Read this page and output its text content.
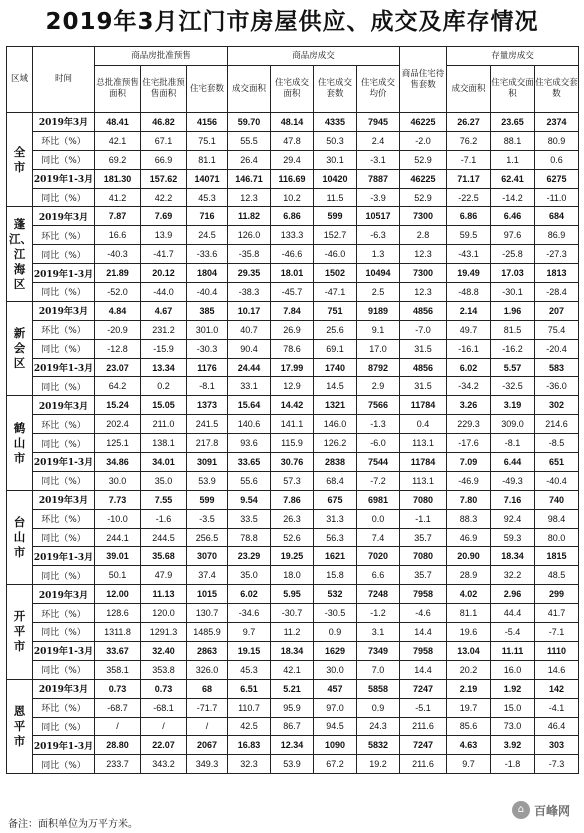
2019年3月江门市房屋供应、成交及库存情况
区域	时间	商品房批准预售			商品房成交				商品住宅待售套数	存量房成交		
		总批准预售面积	住宅批准预售面积	住宅套数	成交面积	住宅成交面积	住宅成交套数	住宅成交均价		成交面积	住宅成交面积	住宅成交套数
全市	2019年3月	48.41	46.82	4156	59.70	48.14	4335	7945	46225	26.27	23.65	2374
	环比（%）	42.1	67.1	75.1	55.5	47.8	50.3	2.4	-2.0	76.2	88.1	80.9
	同比（%）	69.2	66.9	81.1	26.4	29.4	30.1	-3.1	52.9	-7.1	1.1	0.6
	2019年1-3月	181.30	157.62	14071	146.71	116.69	10420	7887	46225	71.17	62.41	6275
	同比（%）	41.2	42.2	45.3	12.3	10.2	11.5	-3.9	52.9	-22.5	-14.2	-11.0
蓬江、江海区	2019年3月	7.87	7.69	716	11.82	6.86	599	10517	7300	6.86	6.46	684
	环比（%）	16.6	13.9	24.5	126.0	133.3	152.7	-6.3	2.8	59.5	97.6	86.9
	同比（%）	-40.3	-41.7	-33.6	-35.8	-46.6	-46.0	1.3	12.3	-43.1	-25.8	-27.3
	2019年1-3月	21.89	20.12	1804	29.35	18.01	1502	10494	7300	19.49	17.03	1813
	同比（%）	-52.0	-44.0	-40.4	-38.3	-45.7	-47.1	2.5	12.3	-48.8	-30.1	-28.4
新会区	2019年3月	4.84	4.67	385	10.17	7.84	751	9189	4856	2.14	1.96	207
	环比（%）	-20.9	231.2	301.0	40.7	26.9	25.6	9.1	-7.0	49.7	81.5	75.4
	同比（%）	-12.8	-15.9	-30.3	90.4	78.6	69.1	17.0	31.5	-16.1	-16.2	-20.4
	2019年1-3月	23.07	13.34	1176	24.44	17.99	1740	8792	4856	6.02	5.57	583
	同比（%）	64.2	0.2	-8.1	33.1	12.9	14.5	2.9	31.5	-34.2	-32.5	-36.0
鹤山市	2019年3月	15.24	15.05	1373	15.64	14.42	1321	7566	11784	3.26	3.19	302
	环比（%）	202.4	211.0	241.5	140.6	141.1	146.0	-1.3	0.4	229.3	309.0	214.6
	同比（%）	125.1	138.1	217.8	93.6	115.9	126.2	-6.0	113.1	-17.6	-8.1	-8.5
	2019年1-3月	34.86	34.01	3091	33.65	30.76	2838	7544	11784	7.09	6.44	651
	同比（%）	30.0	35.0	53.9	55.6	57.3	68.4	-7.2	113.1	-46.9	-49.3	-40.4
台山市	2019年3月	7.73	7.55	599	9.54	7.86	675	6981	7080	7.80	7.16	740
	环比（%）	-10.0	-1.6	-3.5	33.5	26.3	31.3	0.0	-1.1	88.3	92.4	98.4
	同比（%）	244.1	244.5	256.5	78.8	52.6	56.3	7.4	35.7	46.9	59.3	80.0
	2019年1-3月	39.01	35.68	3070	23.29	19.25	1621	7020	7080	20.90	18.34	1815
	同比（%）	50.1	47.9	37.4	35.0	18.0	15.8	6.6	35.7	28.9	32.2	48.5
开平市	2019年3月	12.00	11.13	1015	6.02	5.95	532	7248	7958	4.02	2.96	299
	环比（%）	128.6	120.0	130.7	-34.6	-30.7	-30.5	-1.2	-4.6	81.1	44.4	41.7
	同比（%）	1311.8	1291.3	1485.9	9.7	11.2	0.9	3.1	14.4	19.6	-5.4	-7.1
	2019年1-3月	33.67	32.40	2863	19.15	18.34	1629	7349	7958	13.04	11.11	1110
	同比（%）	358.1	353.8	326.0	45.3	42.1	30.0	7.0	14.4	20.2	16.0	14.6
恩平市	2019年3月	0.73	0.73	68	6.51	5.21	457	5858	7247	2.19	1.92	142
	环比（%）	-68.7	-68.1	-71.7	110.7	95.9	97.0	0.9	-5.1	19.7	15.0	-4.1
	同比（%）	/	/	/	42.5	86.7	94.5	24.3	211.6	85.6	73.0	46.4
	2019年1-3月	28.80	22.07	2067	16.83	12.34	1090	5832	7247	4.63	3.92	303
	同比（%）	233.7	343.2	349.3	32.3	53.9	67.2	19.2	211.6	9.7	-1.8	-7.3
备注：面积单位为万平方米。
⌂ 百峰网
